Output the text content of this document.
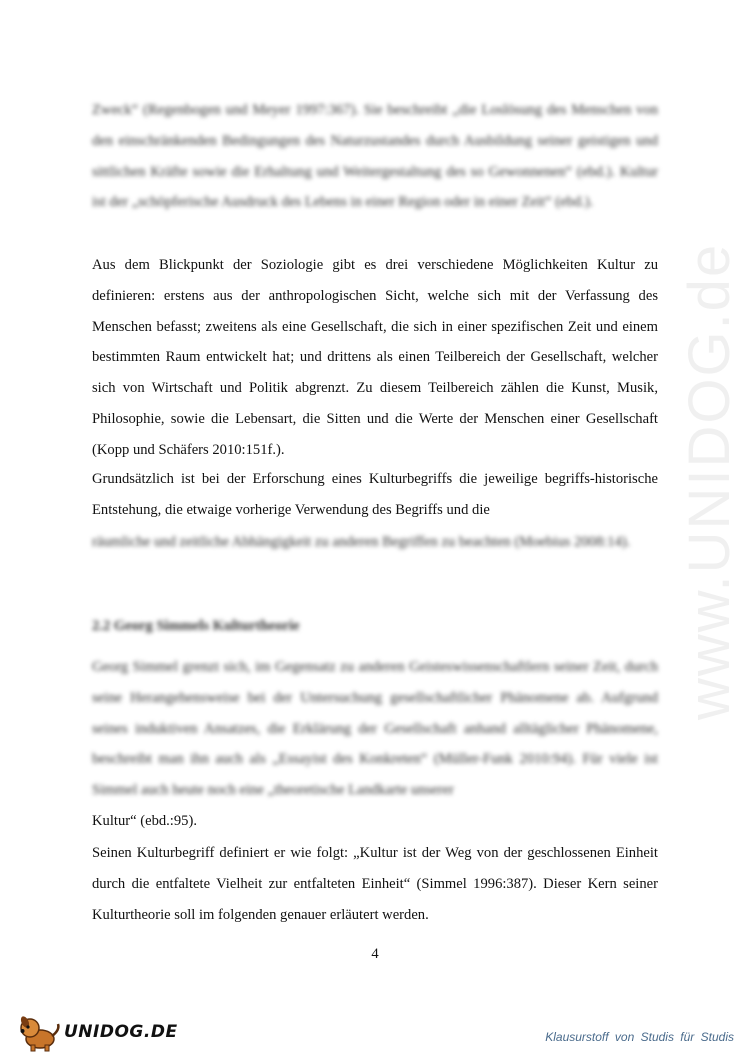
www.UNIDOG.de
Zweck“ (Regenbogen und Meyer 1997:367). Sie beschreibt „die Loslösung des Menschen von den einschränkenden Bedingungen des Naturzustandes durch Ausbildung seiner geistigen und sittlichen Kräfte sowie die Erhaltung und Weitergestaltung des so Gewonnenen“ (ebd.). Kultur ist der „schöpferische Ausdruck des Lebens in einer Region oder in einer Zeit“ (ebd.).
Aus dem Blickpunkt der Soziologie gibt es drei verschiedene Möglichkeiten Kultur zu definieren: erstens aus der anthropologischen Sicht, welche sich mit der Verfassung des Menschen befasst; zweitens als eine Gesellschaft, die sich in einer spezifischen Zeit und einem bestimmten Raum entwickelt hat; und drittens als einen Teilbereich der Gesellschaft, welcher sich von Wirtschaft und Politik abgrenzt. Zu diesem Teilbereich zählen die Kunst, Musik, Philosophie, sowie die Lebensart, die Sitten und die Werte der Menschen einer Gesellschaft (Kopp und Schäfers 2010:151f.).
Grundsätzlich ist bei der Erforschung eines Kulturbegriffs die jeweilige begriffs-historische Entstehung, die etwaige vorherige Verwendung des Begriffs und die
räumliche und zeitliche Abhängigkeit zu anderen Begriffen zu beachten (Moebius 2008:14).
2.2 Georg Simmels Kulturtheorie
Georg Simmel grenzt sich, im Gegensatz zu anderen Geisteswissenschaftlern seiner Zeit, durch seine Herangehensweise bei der Untersuchung gesellschaftlicher Phänomene ab. Aufgrund seines induktiven Ansatzes, die Erklärung der Gesellschaft anhand alltäglicher Phänomene, beschreibt man ihn auch als „Essayist des Konkreten“ (Müller-Funk 2010:94). Für viele ist Simmel auch heute noch eine „theoretische Landkarte unserer
Kultur“ (ebd.:95).
Seinen Kulturbegriff definiert er wie folgt: „Kultur ist der Weg von der geschlossenen Einheit durch die entfaltete Vielheit zur entfalteten Einheit“ (Simmel 1996:387). Dieser Kern seiner Kulturtheorie soll im folgenden genauer erläutert werden.
4
UNIDOG.DE	Klausurstoff von Studis für Studis
